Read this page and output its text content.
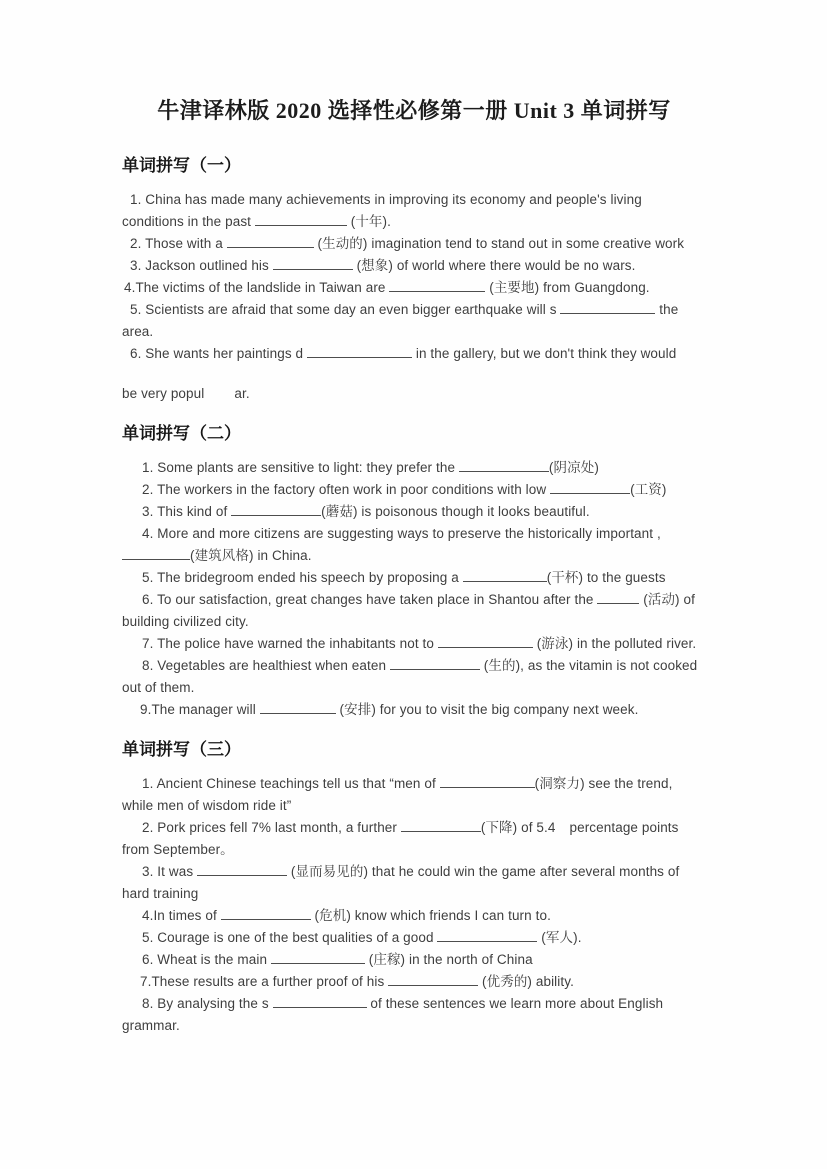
牛津译林版 2020 选择性必修第一册 Unit 3 单词拼写
单词拼写（一）

1. China has made many achievements in improving its economy and people's living conditions in the past	(十年).

2. Those with a	(生动的) imagination tend to stand out in some creative work

3. Jackson outlined his	(想象) of world where there would be no wars.

4.The victims of the landslide in Taiwan are	(主要地) from Guangdong.

5. Scientists are afraid that some day an even bigger earthquake will s	the area.

6. She wants her paintings d	in the gallery, but we don't think they would

be very popul ar.

单词拼写（二）

1. Some plants are sensitive to light: they prefer the	(阴凉处)

2. The workers in the factory often work in poor conditions with low	(工资)

3. This kind of	(蘑菇) is poisonous though it looks beautiful.

4. More and more citizens are suggesting ways to preserve the historically important , (建筑风格) in China.

5. The bridegroom ended his speech by proposing a	(干杯) to the guests

6. To our satisfaction, great changes have taken place in Shantou after the	(活动) of building civilized city.

7. The police have warned the inhabitants not to	(游泳) in the polluted river.

8. Vegetables are healthiest when eaten	(生的), as the vitamin is not cooked out of them.

9.The manager will	(安排) for you to visit the big company next week.

单词拼写（三）

1. Ancient Chinese teachings tell us that “men of	(洞察力) see the trend, while men of wisdom ride it”

2. Pork prices fell 7% last month, a further	(下降) of 5.4 percentage points from September。

3. It was	(显而易见的) that he could win the game after several months of hard training

4.In times of	(危机) know which friends I can turn to.

5. Courage is one of the best qualities of a good	(军人).

6. Wheat is the main	(庄稼) in the north of China

7.These results are a further proof of his	(优秀的) ability.

8. By analysing the s	of these sentences we learn more about English grammar.
